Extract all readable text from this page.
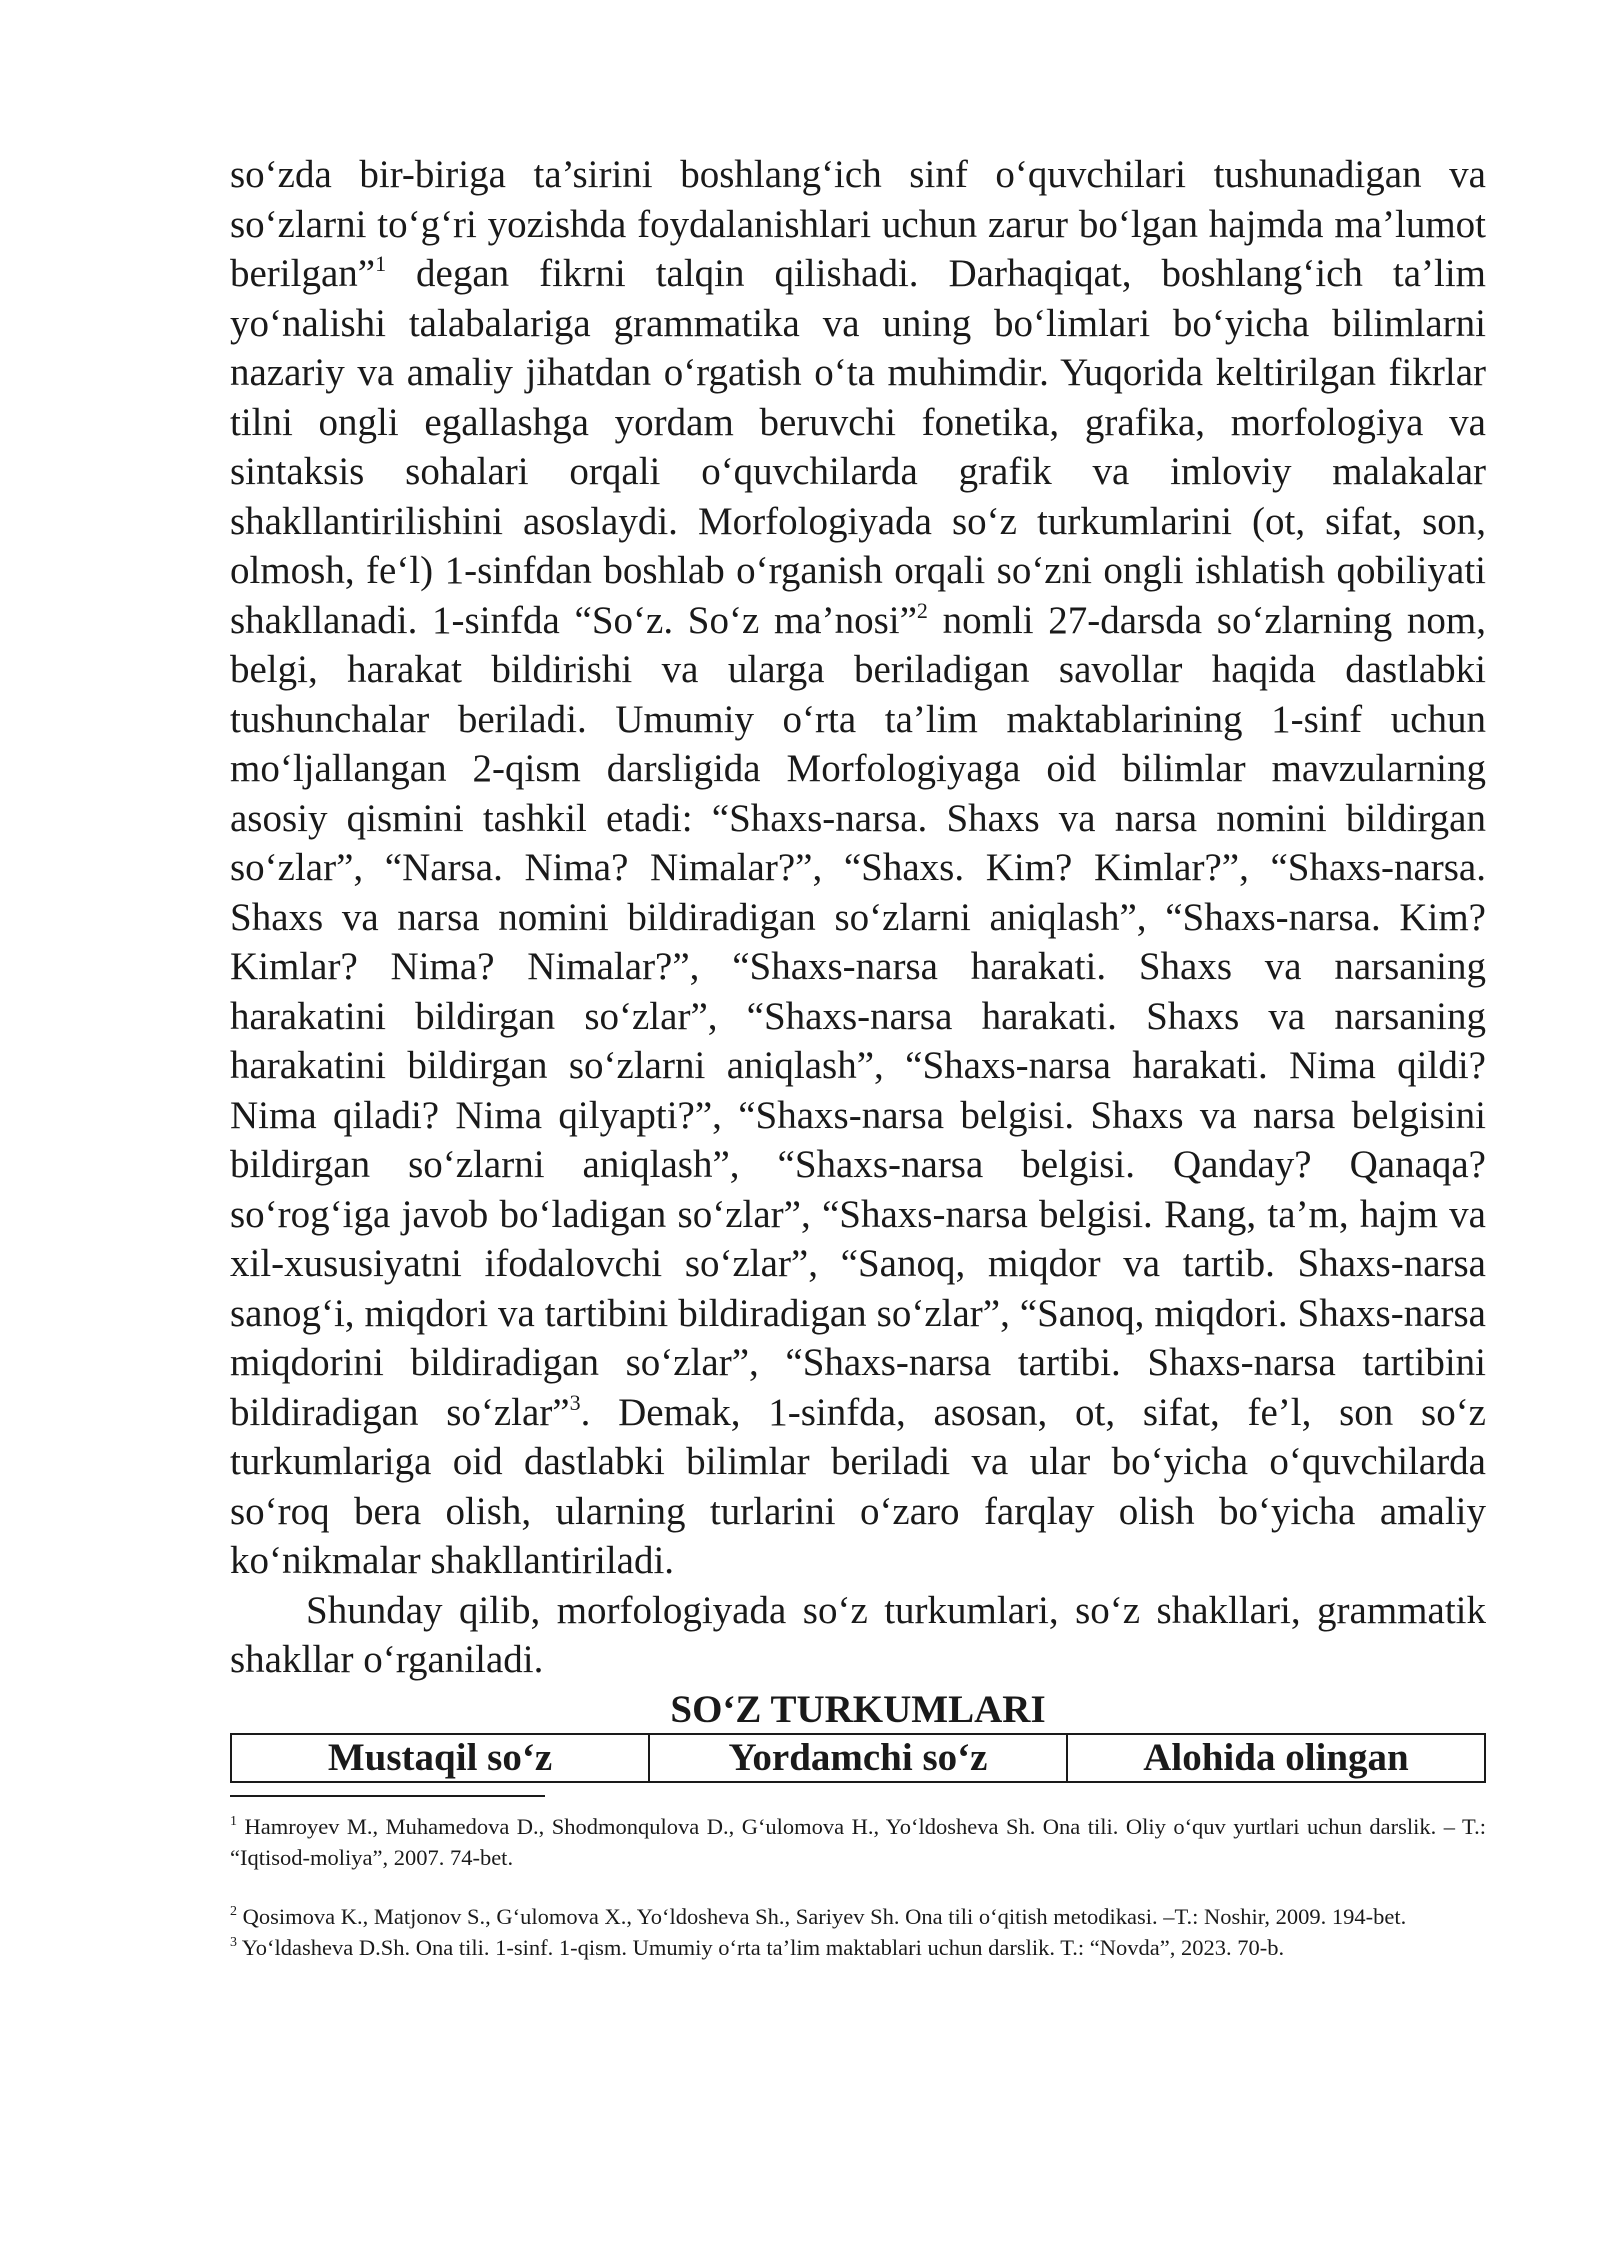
so‘zda bir-biriga ta’sirini boshlang‘ich sinf o‘quvchilari tushunadigan va so‘zlarni to‘g‘ri yozishda foydalanishlari uchun zarur bo‘lgan hajmda ma’lumot berilgan”$^1$ degan fikrni talqin qilishadi. Darhaqiqat, boshlang‘ich ta’lim yo‘nalishi talabalariga grammatika va uning bo‘limlari bo‘yicha bilimlarni nazariy va amaliy jihatdan o‘rgatish o‘ta muhimdir. Yuqorida keltirilgan fikrlar tilni ongli egallashga yordam beruvchi fonetika, grafika, morfologiya va sintaksis sohalari orqali o‘quvchilarda grafik va imloviy malakalar shakllantirilishini asoslaydi. Morfologiyada so‘z turkumlarini (ot, sifat, son, olmosh, fe‘l) 1-sinfdan boshlab o‘rganish orqali so‘zni ongli ishlatish qobiliyati shakllanadi. 1-sinfda “So‘z. So‘z ma’nosi”$^2$ nomli 27-darsda so‘zlarning nom, belgi, harakat bildirishi va ularga beriladigan savollar haqida dastlabki tushunchalar beriladi. Umumiy o‘rta ta’lim maktablarining 1-sinf uchun mo‘ljallangan 2-qism darsligida Morfologiyaga oid bilimlar mavzularning asosiy qismini tashkil etadi: “Shaxs-narsa. Shaxs va narsa nomini bildirgan so‘zlar”, “Narsa. Nima? Nimalar?”, “Shaxs. Kim? Kimlar?”, “Shaxs-narsa. Shaxs va narsa nomini bildiradigan so‘zlarni aniqlash”, “Shaxs-narsa. Kim? Kimlar? Nima? Nimalar?”, “Shaxs-narsa harakati. Shaxs va narsaning harakatini bildirgan so‘zlar”, “Shaxs-narsa harakati. Shaxs va narsaning harakatini bildirgan so‘zlarni aniqlash”, “Shaxs-narsa harakati. Nima qildi? Nima qiladi? Nima qilyapti?”, “Shaxs-narsa belgisi. Shaxs va narsa belgisini bildirgan so‘zlarni aniqlash”, “Shaxs-narsa belgisi. Qanday? Qanaqa? so‘rog‘iga javob bo‘ladigan so‘zlar”, “Shaxs-narsa belgisi. Rang, ta’m, hajm va xil-xususiyatni ifodalovchi so‘zlar”, “Sanoq, miqdor va tartib. Shaxs-narsa sanog‘i, miqdori va tartibini bildiradigan so‘zlar”, “Sanoq, miqdori. Shaxs-narsa miqdorini bildiradigan so‘zlar”, “Shaxs-narsa tartibi. Shaxs-narsa tartibini bildiradigan so‘zlar”$^3$. Demak, 1-sinfda, asosan, ot, sifat, fe’l, son so‘z turkumlariga oid dastlabki bilimlar beriladi va ular bo‘yicha o‘quvchilarda so‘roq bera olish, ularning turlarini o‘zaro farqlay olish bo‘yicha amaliy ko‘nikmalar shakllantiriladi.

Shunday qilib, morfologiyada so‘z turkumlari, so‘z shakllari, grammatik shakllar o‘rganiladi.

SO‘Z TURKUMLARI
Mustaqil so‘z	Yordamchi so‘z	Alohida olingan

$^1$ Hamroyev M., Muhamedova D., Shodmonqulova D., G‘ulomova H., Yo‘ldosheva Sh. Ona tili. Oliy o‘quv yurtlari uchun darslik. – T.: “Iqtisod-moliya”, 2007. 74-bet.

$^2$ Qosimova K., Matjonov S., G‘ulomova X., Yo‘ldosheva Sh., Sariyev Sh. Ona tili o‘qitish metodikasi. –T.: Noshir, 2009. 194-bet.

$^3$ Yo‘ldasheva D.Sh. Ona tili. 1-sinf. 1-qism. Umumiy o‘rta ta’lim maktablari uchun darslik. T.: “Novda”, 2023. 70-b.
